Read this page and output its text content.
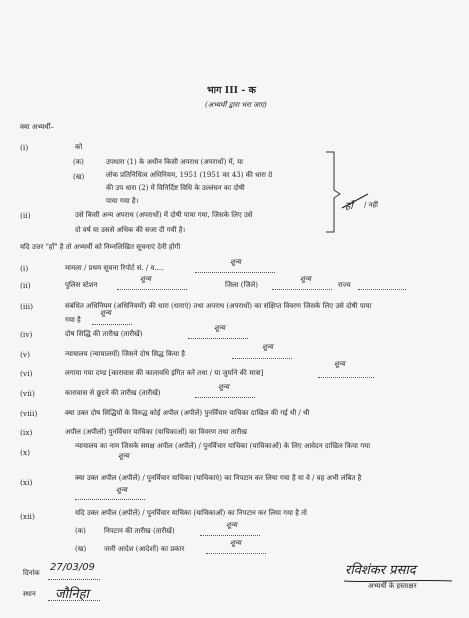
भाग III - क
(अभ्यर्थी द्वारा भरा जाए)
क्या अभ्यर्थी–
(i)	को
(क)	उपधारा (1) के अधीन किसी अपराध (अपराधों) में, या
(ख)	लोक प्रतिनिधित्व अधिनियम, 1951 (1951 का 43) की धारा 8
की उप धारा (2) में विनिर्दिष्ट विधि के उल्लंघन का दोषी
पाया गया है।	हाँ / नहीं
(ii)	उसे किसी अन्य अपराध (अपराधों) में दोषी पाया गया, जिसके लिए उसे
दो वर्ष या उससे अधिक की सजा दी गयी है।
यदि उत्तर "हाँ" है तो अभ्यर्थी को निम्नलिखित सूचनाएं देनी होंगी
(i)	मामला / प्रथम सूचना रिपोर्ट सं. / व....
शून्य
(ii)	पुलिस स्टेशन
शून्य
जिला (जिले)
शून्य
राज्य
(iii)	संबंधित अधिनियम (अधिनियमों) की धारा (धाराएं) तथा अपराध (अपराधों) का संक्षिप्त विवरण जिसके लिए उसे दोषी पाया
गया है
शून्य
(iv)	दोष सिद्धि की तारीख (तारीखें)
शून्य
(v)	न्यायालय (न्यायालयों) जिसने दोष सिद्ध किया है
शून्य
(vi)	लगाया गया दण्ड [कारावास की कालावधि इंगित करें तथा / या जुर्माने की मात्रा]
शून्य
(vii)	कारावास से छूटने की तारीख (तारीखें)
शून्य
(viii)	क्या उक्त दोष सिद्धियों के विरुद्ध कोई अपील (अपीलें) पुनर्विचार याचिका दाखिल की गई थी / थी
(ix)	अपील (अपीलों) पुनर्विचार याचिका (याचिकाओं) का विवरण तथा तारीख
(x)
न्यायालय का नाम जिसके समक्ष अपील (अपीलें) / पुनर्विचार याचिका (याचिकाओं) के लिए आवेदन दाखिल किया गया
शून्य
(xi)	क्या उक्त अपील (अपीलें) / पुनर्विचार याचिका (याचिकाएं) का निपटान कर लिया गया है या वे / वह अभी लंबित है
शून्य
(xii)	यदि उक्त अपील (अपीलें) / पुनर्विचार याचिका (याचिकाओं) का निपटान कर लिया गया है तो
(क)	निपटान की तारीख (तारीखें)
शून्य
(ख)	जारी आदेश (आदेशों) का प्रकार
शून्य
दिनांक 27/03/09
स्थान जौनिहा
रविशंकर प्रसाद
अभ्यर्थी के हस्ताक्षर
